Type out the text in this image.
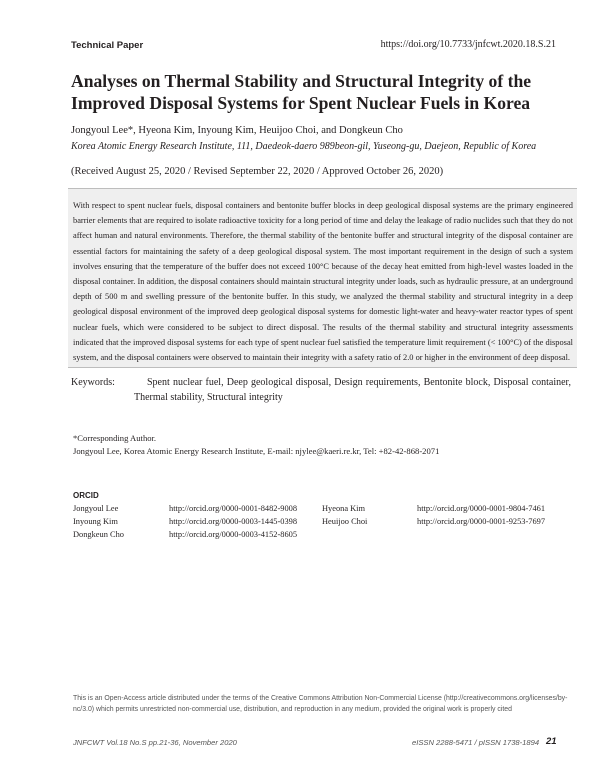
Technical Paper	https://doi.org/10.7733/jnfcwt.2020.18.S.21
Analyses on Thermal Stability and Structural Integrity of the Improved Disposal Systems for Spent Nuclear Fuels in Korea
Jongyoul Lee*, Hyeona Kim, Inyoung Kim, Heuijoo Choi, and Dongkeun Cho
Korea Atomic Energy Research Institute, 111, Daedeok-daero 989beon-gil, Yuseong-gu, Daejeon, Republic of Korea
(Received August 25, 2020 / Revised September 22, 2020 / Approved October 26, 2020)
With respect to spent nuclear fuels, disposal containers and bentonite buffer blocks in deep geological disposal systems are the primary engineered barrier elements that are required to isolate radioactive toxicity for a long period of time and delay the leakage of radio nuclides such that they do not affect human and natural environments. Therefore, the thermal stability of the bentonite buffer and structural integrity of the disposal container are essential factors for maintaining the safety of a deep geological disposal system. The most important requirement in the design of such a system involves ensuring that the temperature of the buffer does not exceed 100°C because of the decay heat emitted from high-level wastes loaded in the disposal container. In addition, the disposal containers should maintain structural integrity under loads, such as hydraulic pressure, at an underground depth of 500 m and swelling pressure of the bentonite buffer. In this study, we analyzed the thermal stability and structural integrity in a deep geological disposal environment of the improved deep geological disposal systems for domestic light-water and heavy-water reactor types of spent nuclear fuels, which were considered to be subject to direct disposal. The results of the thermal stability and structural integrity assessments indicated that the improved disposal systems for each type of spent nuclear fuel satisfied the temperature limit requirement (< 100°C) of the disposal system, and the disposal containers were observed to maintain their integrity with a safety ratio of 2.0 or higher in the environment of deep disposal.
Keywords:	Spent nuclear fuel, Deep geological disposal, Design requirements, Bentonite block, Disposal container, Thermal stability, Structural integrity
*Corresponding Author.
Jongyoul Lee, Korea Atomic Energy Research Institute, E-mail: njylee@kaeri.re.kr, Tel: +82-42-868-2071
ORCID
Jongyoul Lee	http://orcid.org/0000-0001-8482-9008	Hyeona Kim	http://orcid.org/0000-0001-9804-7461
Inyoung Kim	http://orcid.org/0000-0003-1445-0398	Heuijoo Choi	http://orcid.org/0000-0001-9253-7697
Dongkeun Cho	http://orcid.org/0000-0003-4152-8605
This is an Open-Access article distributed under the terms of the Creative Commons Attribution Non-Commercial License (http://creativecommons.org/licenses/by-nc/3.0) which permits unrestricted non-commercial use, distribution, and reproduction in any medium, provided the original work is properly cited
JNFCWT Vol.18 No.S pp.21-36, November 2020	eISSN 2288-5471 / pISSN 1738-1894 21
